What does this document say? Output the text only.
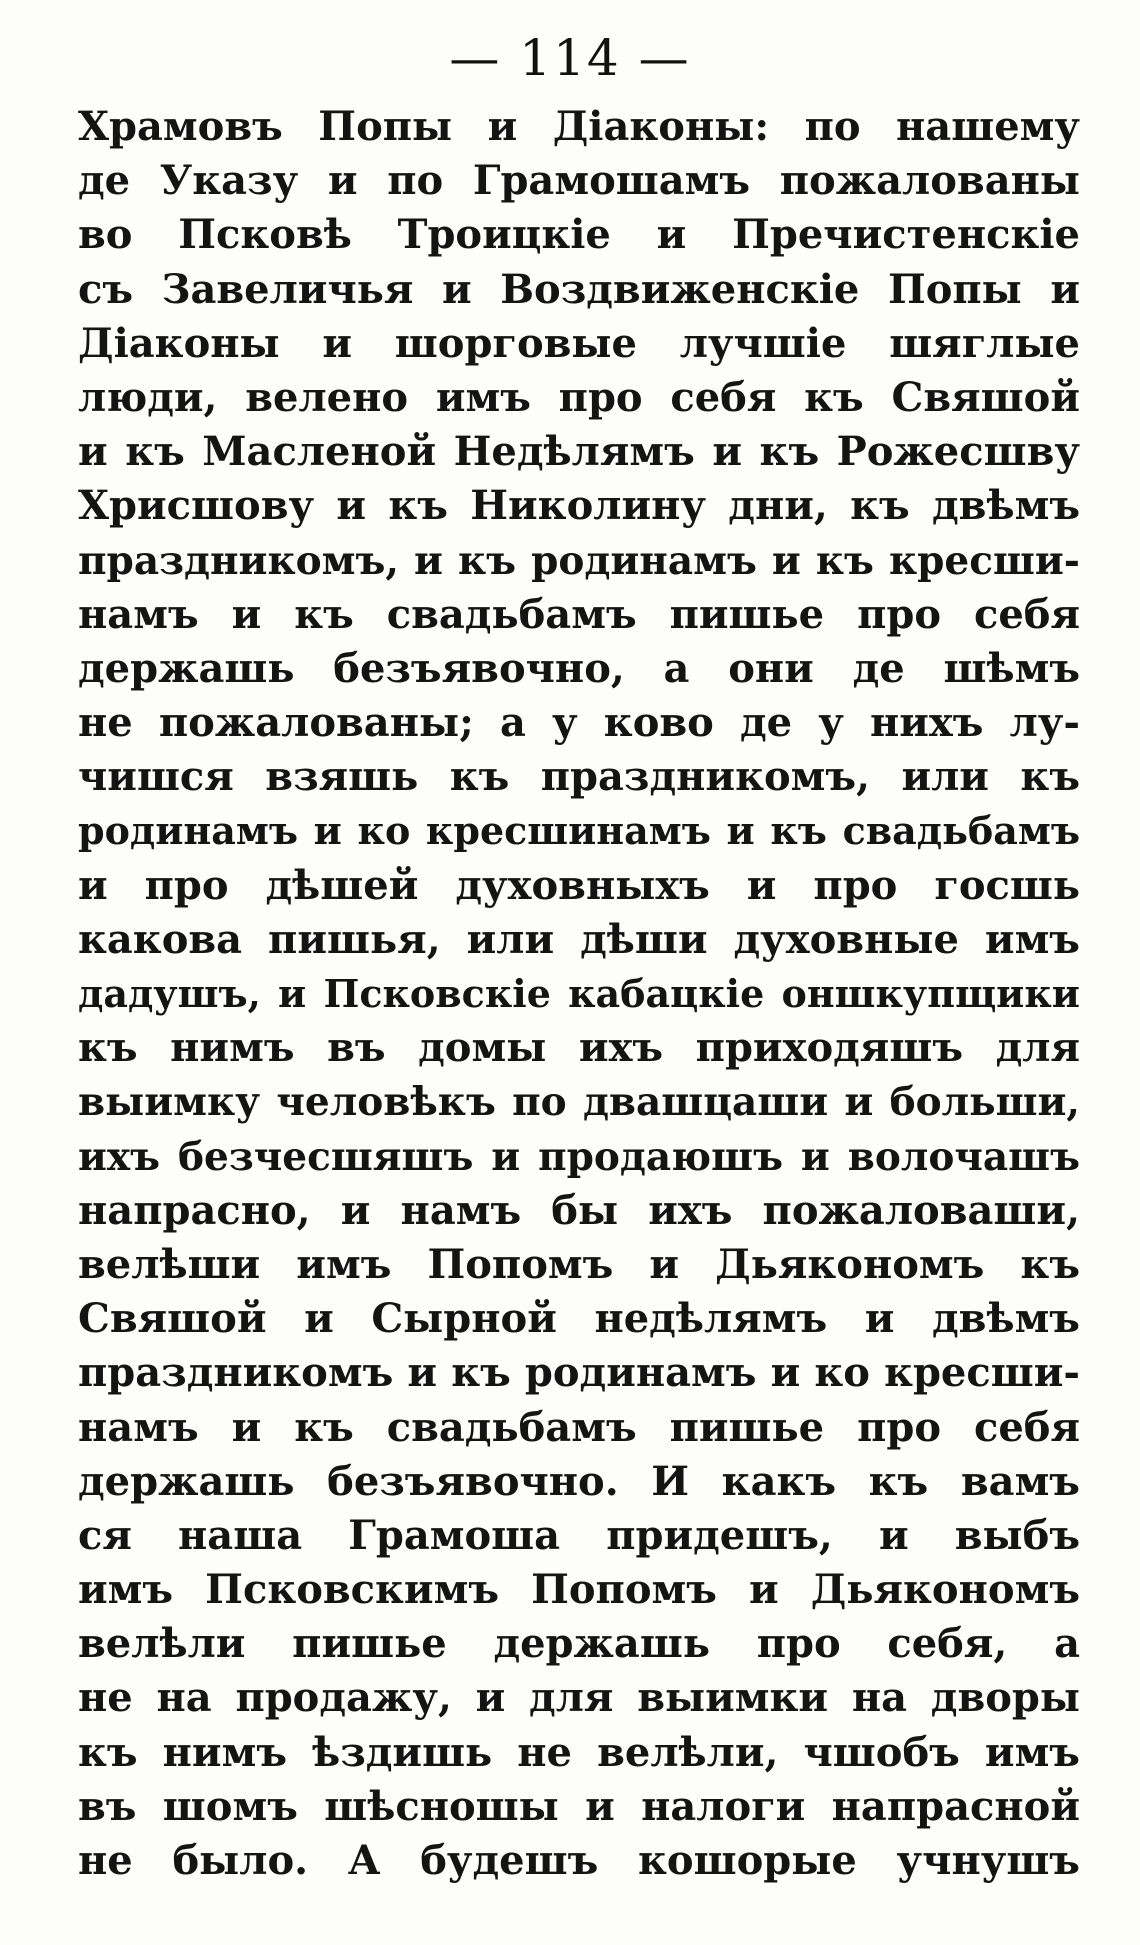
— 114 —
Храмовъ Попы и Діаконы: по нашему
де Указу и по Грамошамъ пожалованы
во Псковѣ Троицкіе и Пречистенскіе
съ Завеличья и Воздвиженскіе Попы и
Діаконы и шорговые лучшіе шяглые
люди, велено имъ про себя къ Свяшой
и къ Масленой Недѣлямъ и къ Рожесшву
Хрисшову и къ Николину дни, къ двѣмъ
праздникомъ, и къ родинамъ и къ кресши-
намъ и къ свадьбамъ пишье про себя
держашь безъявочно, а они де шѣмъ
не пожалованы; а у ково де у нихъ лу-
чишся взяшь къ праздникомъ, или къ
родинамъ и ко кресшинамъ и къ свадьбамъ
и про дѣшей духовныхъ и про госшь
какова пишья, или дѣши духовные имъ
дадушъ, и Псковскіе кабацкіе оншкупщики
къ нимъ въ домы ихъ приходяшъ для
выимку человѣкъ по двашцаши и больши,
ихъ безчесшяшъ и продаюшъ и волочашъ
напрасно, и намъ бы ихъ пожаловаши,
велѣши имъ Попомъ и Дьякономъ къ
Свяшой и Сырной недѣлямъ и двѣмъ
праздникомъ и къ родинамъ и ко кресши-
намъ и къ свадьбамъ пишье про себя
держашь безъявочно. И какъ къ вамъ
ся наша Грамоша придешъ, и выбъ
имъ Псковскимъ Попомъ и Дьякономъ
велѣли пишье держашь про себя, а
не на продажу, и для выимки на дворы
къ нимъ ѣздишь не велѣли, чшобъ имъ
въ шомъ шѣсношы и налоги напрасной
не было. А будешъ кошорые учнушъ
